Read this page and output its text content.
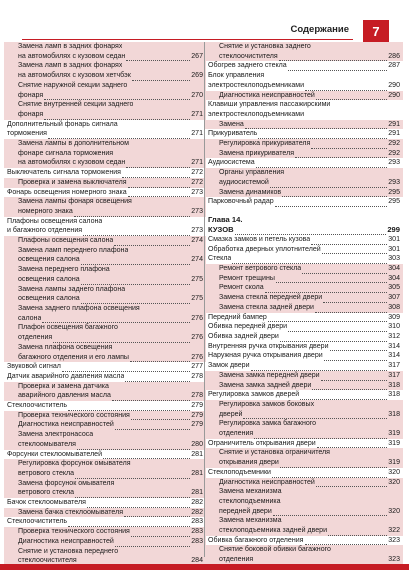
Содержание	7
Замена ламп в задних фонарях
на автомобилях с кузовом седан	267
Замена ламп в задних фонарях
на автомобилях с кузовом хетчбэк	269
Снятие наружной секции заднего
фонаря	270
Снятие внутренней секции заднего
фонаря	271
Дополнительный фонарь сигнала
торможения	271
Замена лампы в дополнительном
фонаре сигнала торможения
на автомобилях с кузовом седан	271
Выключатель сигнала торможения	272
Проверка и замена выключателя	272
Фонарь освещения номерного знака	273
Замена лампы фонаря освещения
номерного знака	273
Плафоны освещения салона
и багажного отделения	273
Плафоны освещения салона	274
Замена ламп переднего плафона
освещения салона	274
Замена переднего плафона
освещения салона	275
Замена лампы заднего плафона
освещения салона	275
Замена заднего плафона освещения
салона	276
Плафон освещения багажного
отделения	276
Замена плафона освещения
багажного отделения и его лампы	276
Звуковой сигнал	277
Датчик аварийного давления масла	278
Проверка и замена датчика
аварийного давления масла	278
Стеклоочиститель	279
Проверка технического состояния	279
Диагностика неисправностей	279
Замена электронасоса
стеклоомывателя	280
Форсунки стеклоомывателей	281
Регулировка форсунок омывателя
ветрового стекла	281
Замена форсунок омывателя
ветрового стекла	281
Бачок стеклоомывателя	282
Замена бачка стеклоомывателя	282
Стеклоочиститель	283
Проверка технического состояния	283
Диагностика неисправностей	283
Снятие и установка переднего
стеклоочистителя	284
Снятие и установка заднего
стеклоочистителя	286
Обогрев заднего стекла	287
Блок управления
электростеклоподъемниками	290
Диагностика неисправностей	290
Клавиши управления пассажирскими
электростеклоподъемниками
Замена	291
Прикуриватель	291
Регулировка прикуривателя	292
Замена прикуривателя	292
Аудиосистема	293
Органы управления
аудиосистемой	293
Замена динамиков	295
Парковочный радар	295
Глава 14.
КУЗОВ	299
Смазка замков и петель кузова	301
Обработка дверных уплотнителей	301
Стекла	303
Ремонт ветрового стекла	304
Ремонт трещины	304
Ремонт скола	305
Замена стекла передней двери	307
Замена стекла задней двери	308
Передний бампер	309
Обивка передней двери	310
Обивка задней двери	312
Внутренняя ручка открывания двери	314
Наружная ручка открывания двери	314
Замок двери	317
Замена замка передней двери	317
Замена замка задней двери	318
Регулировка замков дверей	318
Регулировка замков боковых
дверей	318
Регулировка замка багажного
отделения	319
Ограничитель открывания двери	319
Снятие и установка ограничителя
открывания двери	319
Стеклоподъемники	320
Диагностика неисправностей	320
Замена механизма
стеклоподъемника
передней двери	320
Замена механизма
стеклоподъемника задней двери	322
Обивка багажного отделения	323
Снятие боковой обивки багажного
отделения	323
